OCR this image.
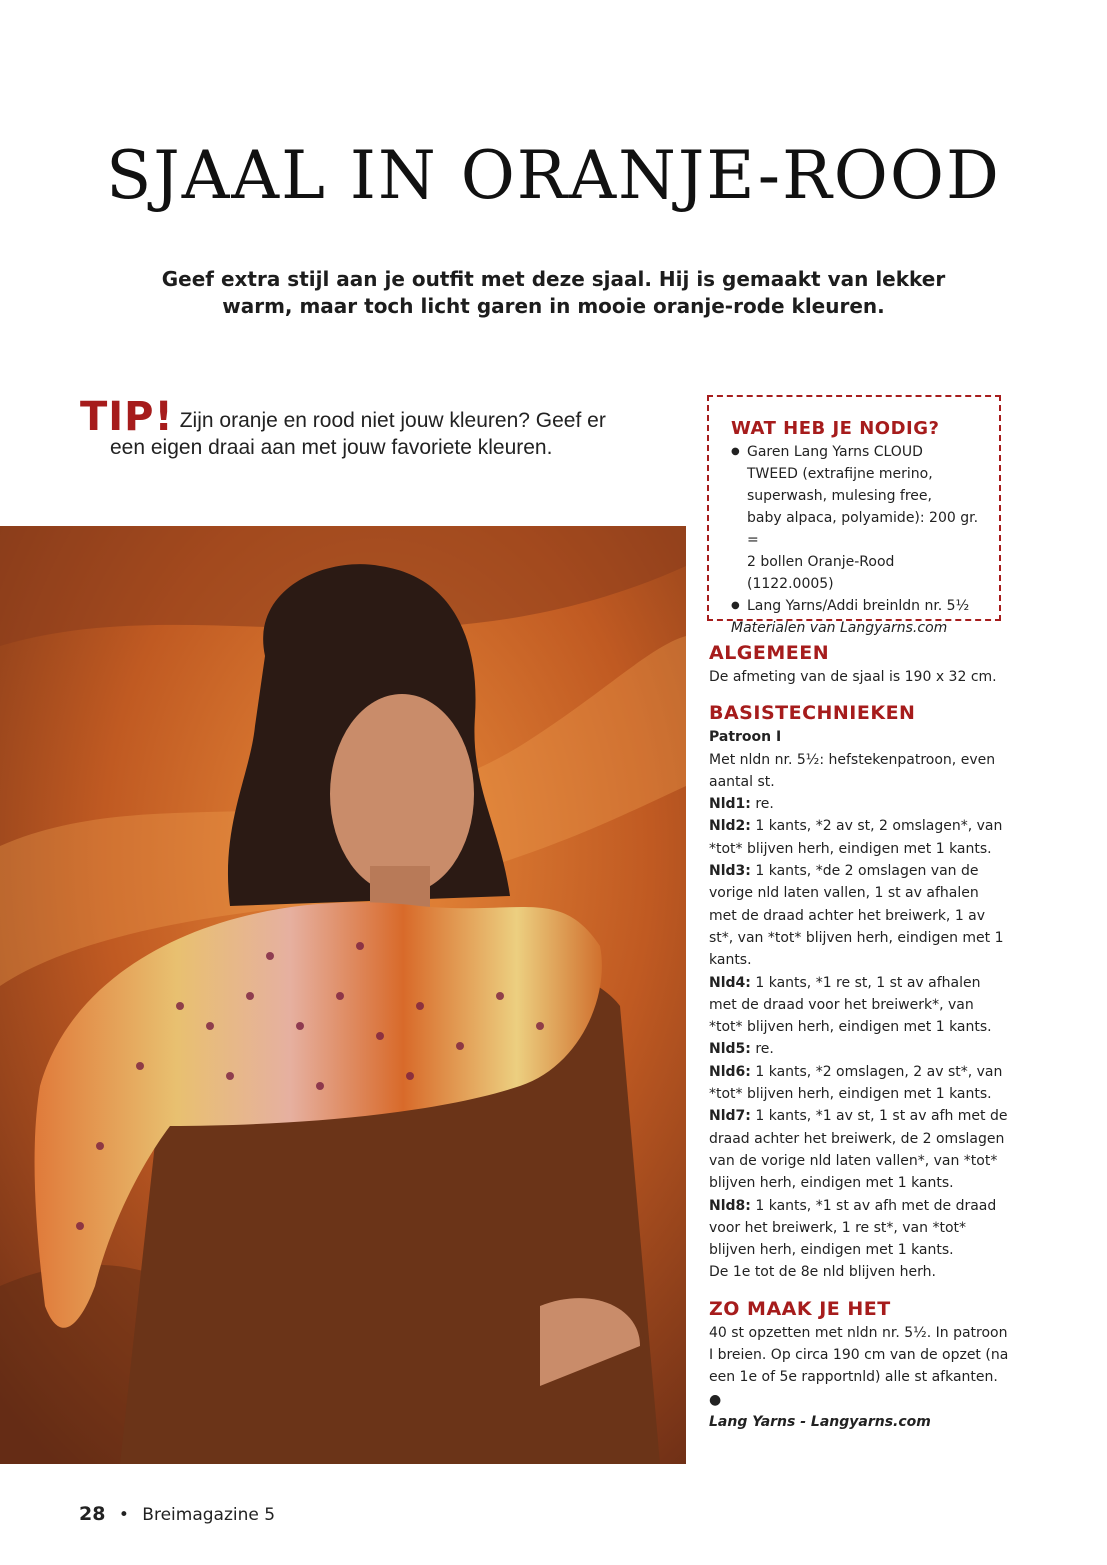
SJAAL IN ORANJE-ROOD
Geef extra stijl aan je outfit met deze sjaal. Hij is gemaakt van lekker
warm, maar toch licht garen in mooie oranje-rode kleuren.
TIP! Zijn oranje en rood niet jouw kleuren? Geef er
een eigen draai aan met jouw favoriete kleuren.
WAT HEB JE NODIG?
● Garen Lang Yarns CLOUD
TWEED (extrafijne merino,
superwash, mulesing free,
baby alpaca, polyamide): 200 gr. =
2 bollen Oranje-Rood (1122.0005)
● Lang Yarns/Addi breinldn nr. 5½
Materialen van Langyarns.com
ALGEMEEN

De afmeting van de sjaal is 190 x 32 cm.

BASISTECHNIEKEN

Patroon I

Met nldn nr. 5½: hefstekenpatroon, even aantal st.

Nld1: re.

Nld2: 1 kants, *2 av st, 2 omslagen*, van *tot* blijven herh, eindigen met 1 kants.

Nld3: 1 kants, *de 2 omslagen van de vorige nld laten vallen, 1 st av afhalen met de draad achter het breiwerk, 1 av st*, van *tot* blijven herh, eindigen met 1 kants.

Nld4: 1 kants, *1 re st, 1 st av afhalen met de draad voor het breiwerk*, van *tot* blijven herh, eindigen met 1 kants.

Nld5: re.

Nld6: 1 kants, *2 omslagen, 2 av st*, van *tot* blijven herh, eindigen met 1 kants.

Nld7: 1 kants, *1 av st, 1 st av afh met de draad achter het breiwerk, de 2 omslagen van de vorige nld laten vallen*, van *tot* blijven herh, eindigen met 1 kants.

Nld8: 1 kants, *1 st av afh met de draad voor het breiwerk, 1 re st*, van *tot* blijven herh, eindigen met 1 kants.

De 1e tot de 8e nld blijven herh.

ZO MAAK JE HET

40 st opzetten met nldn nr. 5½. In patroon I breien. Op circa 190 cm van de opzet (na een 1e of 5e rapportnld) alle st afkanten. ●

Lang Yarns - Langyarns.com

28 • Breimagazine 5
